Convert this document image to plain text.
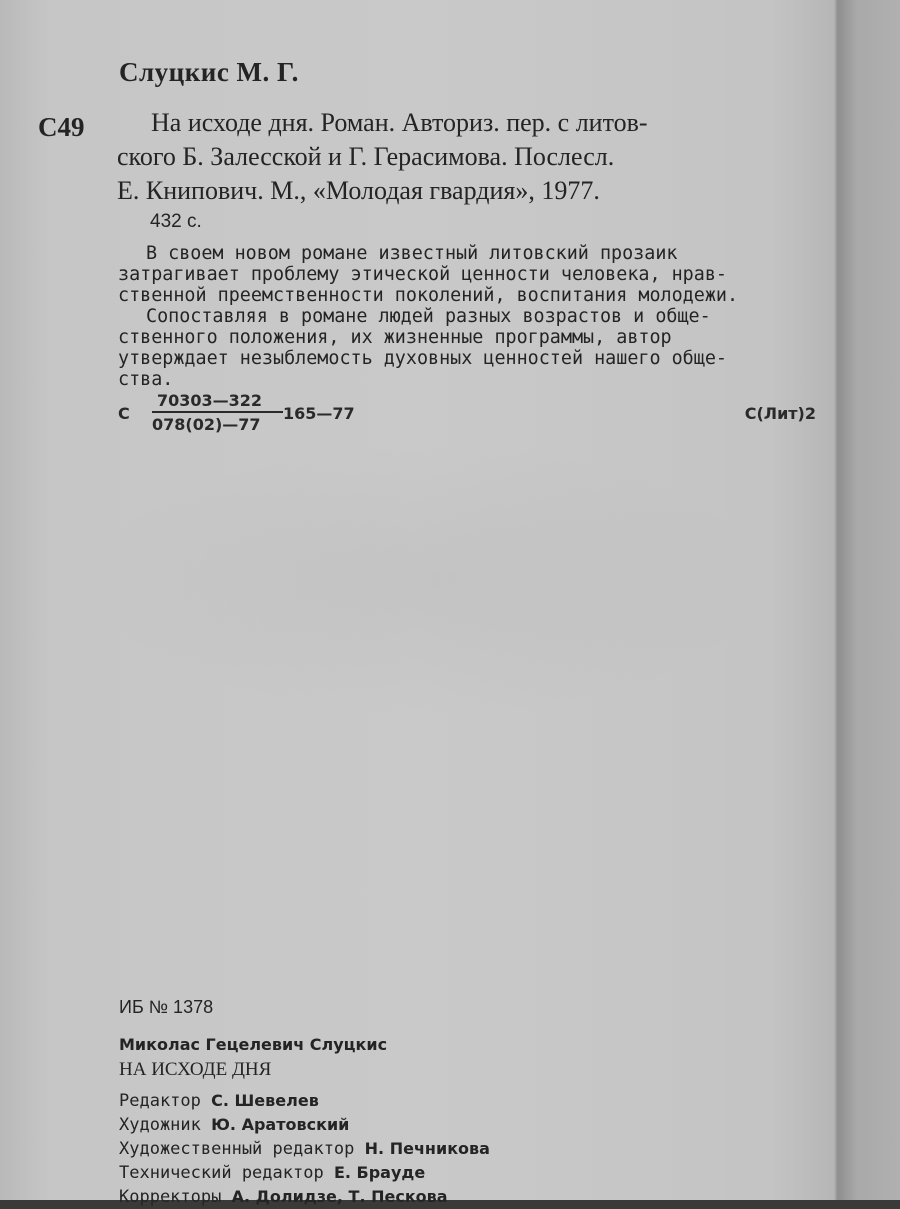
Слуцкис М. Г.
С49	На исходе дня. Роман. Авториз. пер. с литов-
ского Б. Залесской и Г. Герасимова. Послесл.
Е. Книпович. М., «Молодая гвардия», 1977.
432 с.
В своем новом романе известный литовский прозаик
затрагивает проблему этической ценности человека, нрав-
ственной преемственности поколений, воспитания молодежи.
Сопоставляя в романе людей разных возрастов и обще-
ственного положения, их жизненные программы, автор
утверждает незыблемость духовных ценностей нашего обще-
ства.
С $\frac{70303—322}{078(02)—77}$ 165—77	С(Лит)2
ИБ № 1378
Миколас Гецелевич Слуцкис
НА ИСХОДЕ ДНЯ
Редактор С. Шевелев
Художник Ю. Аратовский
Художественный редактор Н. Печникова
Технический редактор Е. Брауде
Корректоры А. Долидзе, Т. Пескова
